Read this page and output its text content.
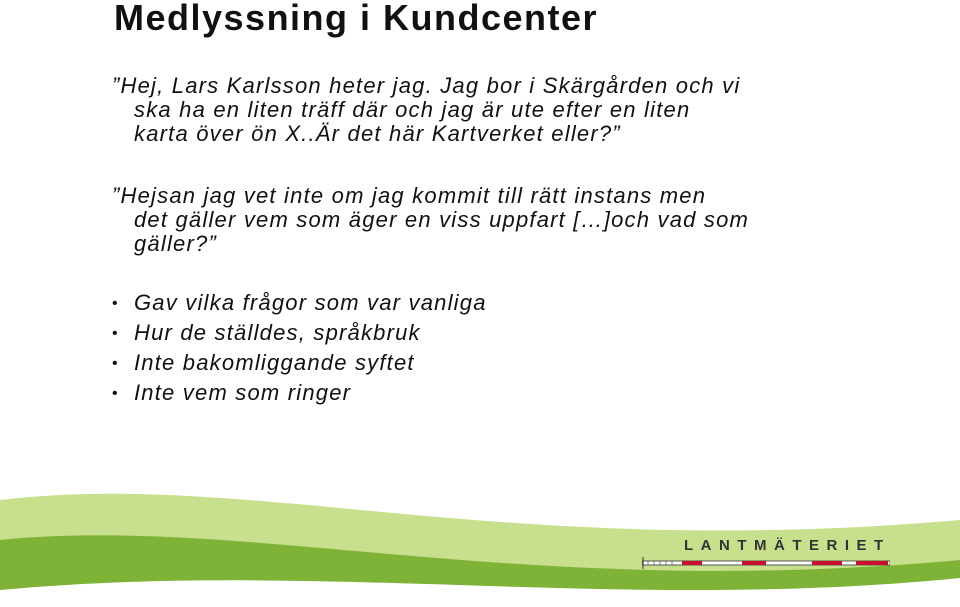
Medlyssning i Kundcenter
”Hej, Lars Karlsson heter jag. Jag bor i Skärgården och vi
ska ha en liten träff där och jag är ute efter en liten
karta över ön X..Är det här Kartverket eller?”
”Hejsan jag vet inte om jag kommit till rätt instans men
det gäller vem som äger en viss uppfart […]och vad som
gäller?”
• Gav vilka frågor som var vanliga
• Hur de ställdes, språkbruk
• Inte bakomliggande syftet
• Inte vem som ringer
LANTMÄTERIET
